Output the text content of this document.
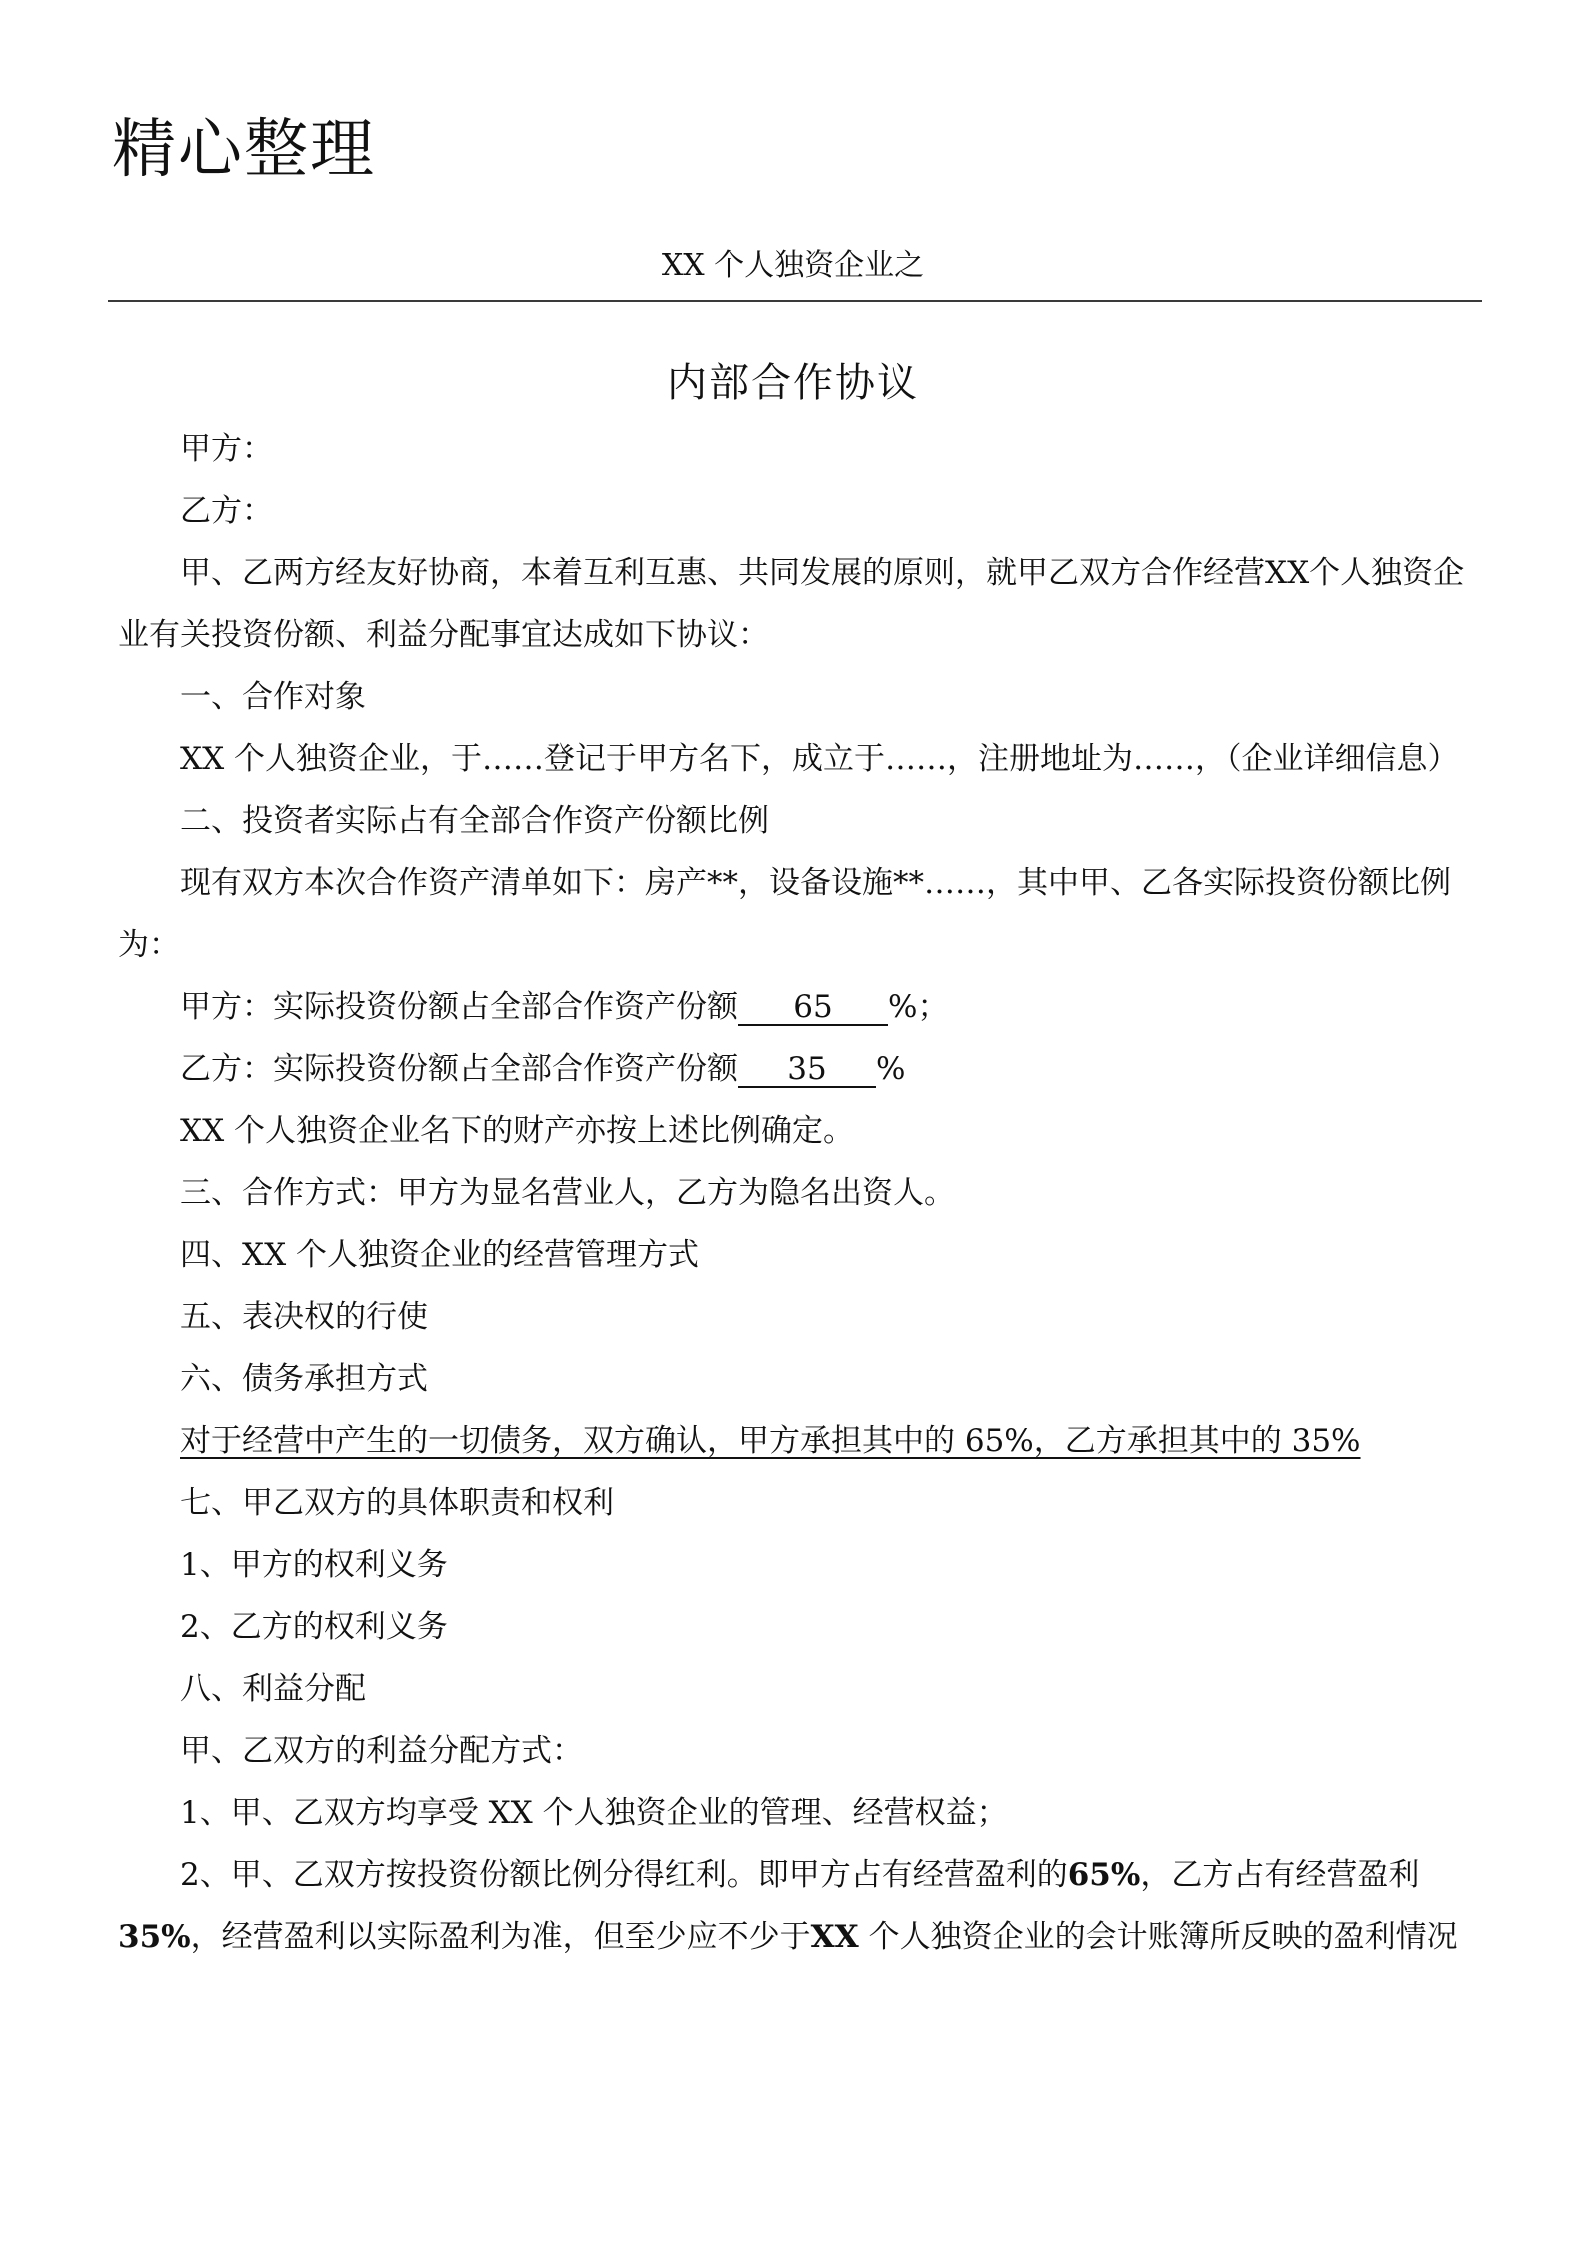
精心整理
XX 个人独资企业之
内部合作协议

甲方：

乙方：

甲、乙两方经友好协商，本着互利互惠、共同发展的原则，就甲乙双方合作经营XX个人独资企业有关投资份额、利益分配事宜达成如下协议：

一、合作对象

XX 个人独资企业，于……登记于甲方名下，成立于……，注册地址为……，（企业详细信息）

二、投资者实际占有全部合作资产份额比例

现有双方本次合作资产清单如下：房产**，设备设施**……，其中甲、乙各实际投资份额比例为：

甲方：实际投资份额占全部合作资产份额 65 %；

乙方：实际投资份额占全部合作资产份额 35 %

XX 个人独资企业名下的财产亦按上述比例确定。

三、合作方式：甲方为显名营业人，乙方为隐名出资人。

四、XX 个人独资企业的经营管理方式

五、表决权的行使

六、债务承担方式

对于经营中产生的一切债务，双方确认，甲方承担其中的 65%，乙方承担其中的 35%

七、甲乙双方的具体职责和权利

1、甲方的权利义务

2、乙方的权利义务

八、利益分配

甲、乙双方的利益分配方式：

1、甲、乙双方均享受 XX 个人独资企业的管理、经营权益；

2、甲、乙双方按投资份额比例分得红利。即甲方占有经营盈利的65%，乙方占有经营盈利35%，经营盈利以实际盈利为准，但至少应不少于XX 个人独资企业的会计账簿所反映的盈利情况
